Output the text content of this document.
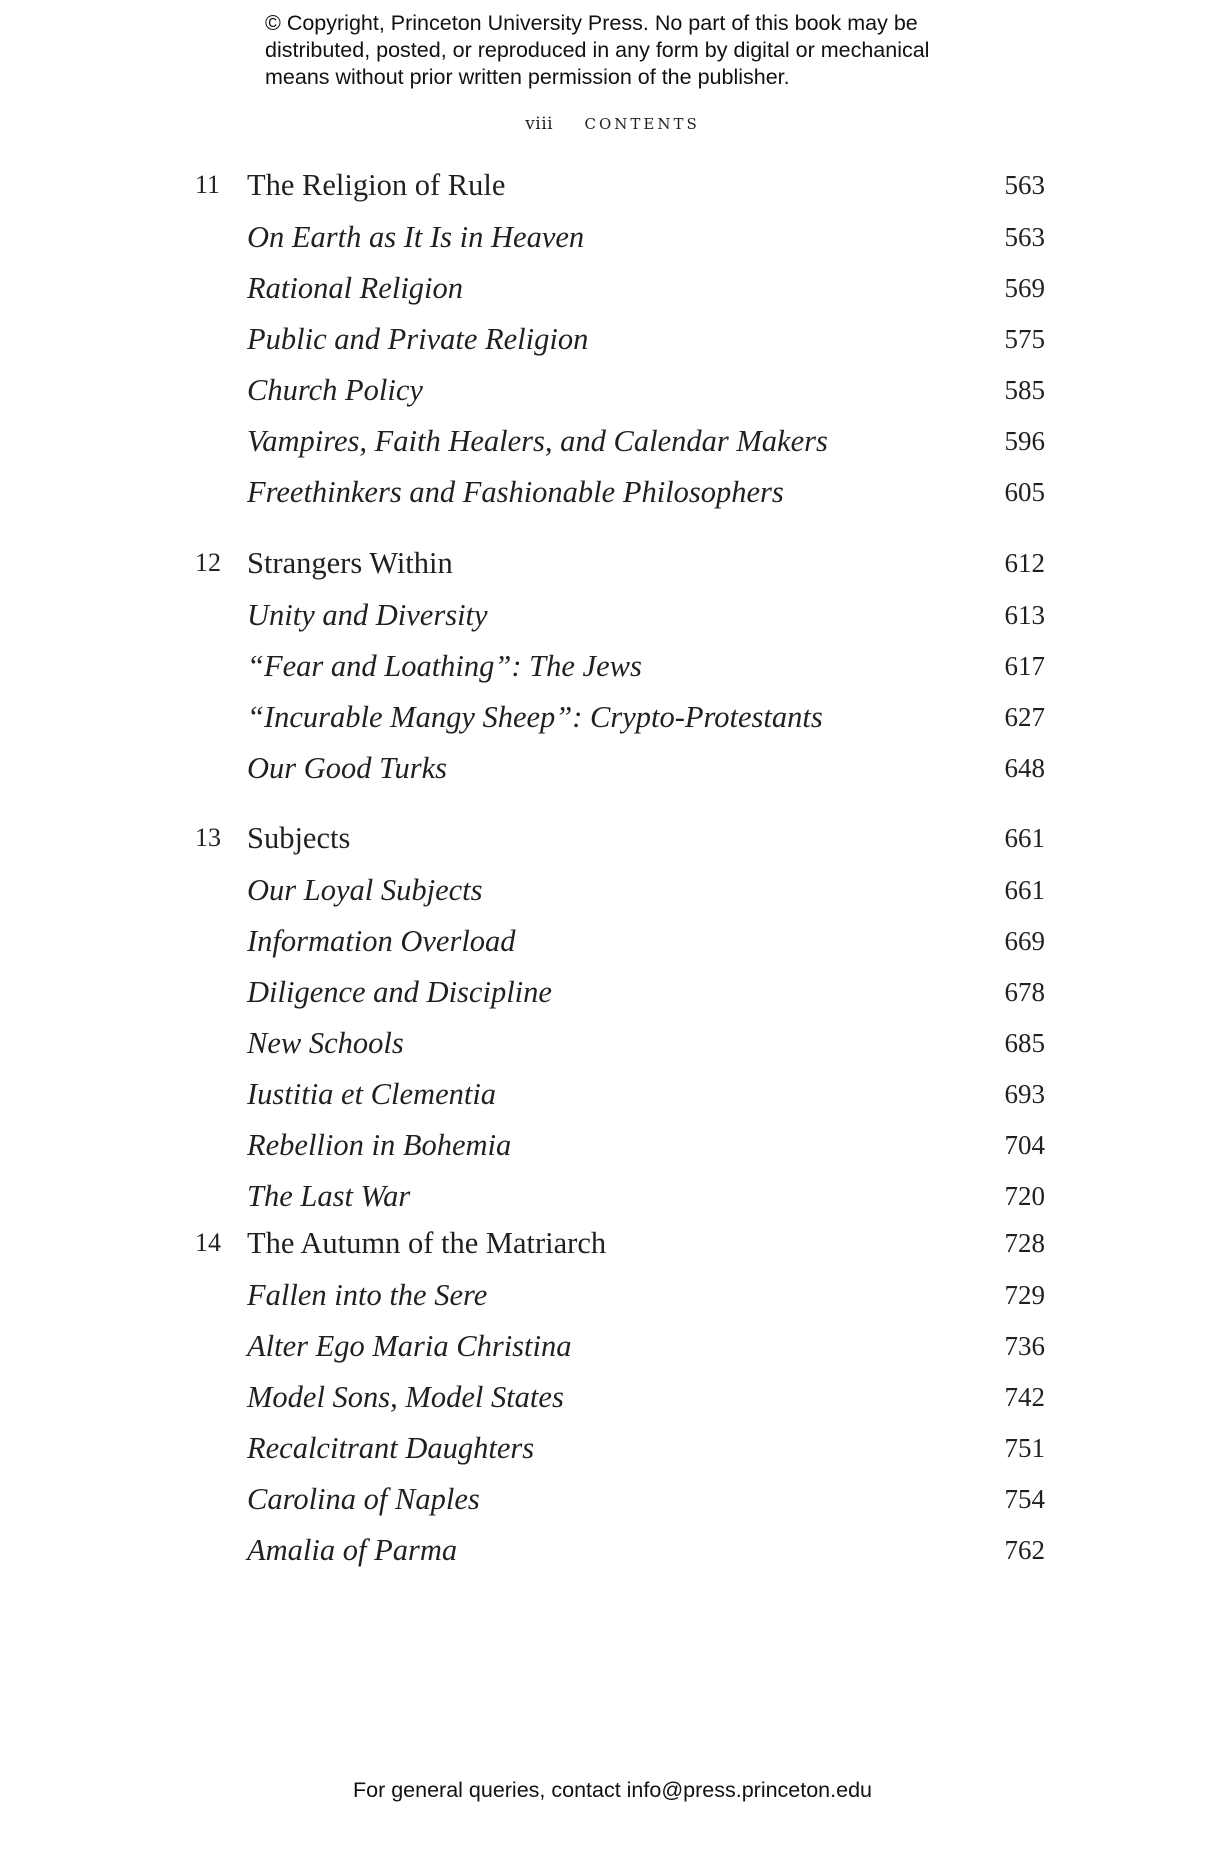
© Copyright, Princeton University Press. No part of this book may be
distributed, posted, or reproduced in any form by digital or mechanical
means without prior written permission of the publisher.
viii CONTENTS
11 The Religion of Rule	563
On Earth as It Is in Heaven	563
Rational Religion	569
Public and Private Religion	575
Church Policy	585
Vampires, Faith Healers, and Calendar Makers	596
Freethinkers and Fashionable Philosophers	605
12 Strangers Within	612
Unity and Diversity	613
“Fear and Loathing”: The Jews	617
“Incurable Mangy Sheep”: Crypto-Protestants	627
Our Good Turks	648
13 Subjects	661
Our Loyal Subjects	661
Information Overload	669
Diligence and Discipline	678
New Schools	685
Iustitia et Clementia	693
Rebellion in Bohemia	704
The Last War	720
14 The Autumn of the Matriarch	728
Fallen into the Sere	729
Alter Ego Maria Christina	736
Model Sons, Model States	742
Recalcitrant Daughters	751
Carolina of Naples	754
Amalia of Parma	762
For general queries, contact info@press.princeton.edu
